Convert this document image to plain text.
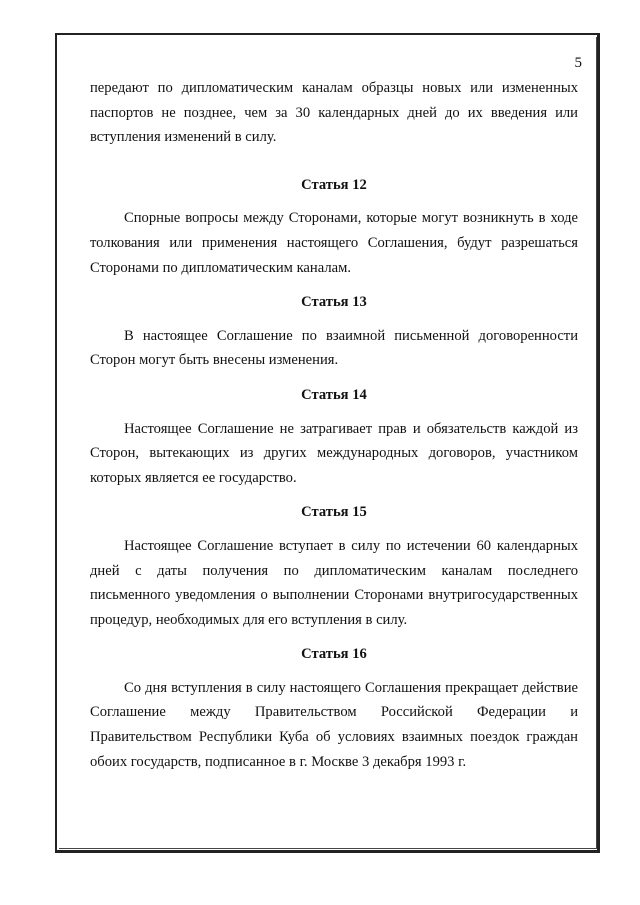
5

передают по дипломатическим каналам образцы новых или измененных паспортов не позднее, чем за 30 календарных дней до их введения или вступления изменений в силу.

Статья 12

Спорные вопросы между Сторонами, которые могут возникнуть в ходе толкования или применения настоящего Соглашения, будут разрешаться Сторонами по дипломатическим каналам.

Статья 13

В настоящее Соглашение по взаимной письменной договоренности Сторон могут быть внесены изменения.

Статья 14

Настоящее Соглашение не затрагивает прав и обязательств каждой из Сторон, вытекающих из других международных договоров, участником которых является ее государство.

Статья 15

Настоящее Соглашение вступает в силу по истечении 60 календарных дней с даты получения по дипломатическим каналам последнего письменного уведомления о выполнении Сторонами внутригосударственных процедур, необходимых для его вступления в силу.

Статья 16

Со дня вступления в силу настоящего Соглашения прекращает действие Соглашение между Правительством Российской Федерации и Правительством Республики Куба об условиях взаимных поездок граждан обоих государств, подписанное в г. Москве 3 декабря 1993 г.
